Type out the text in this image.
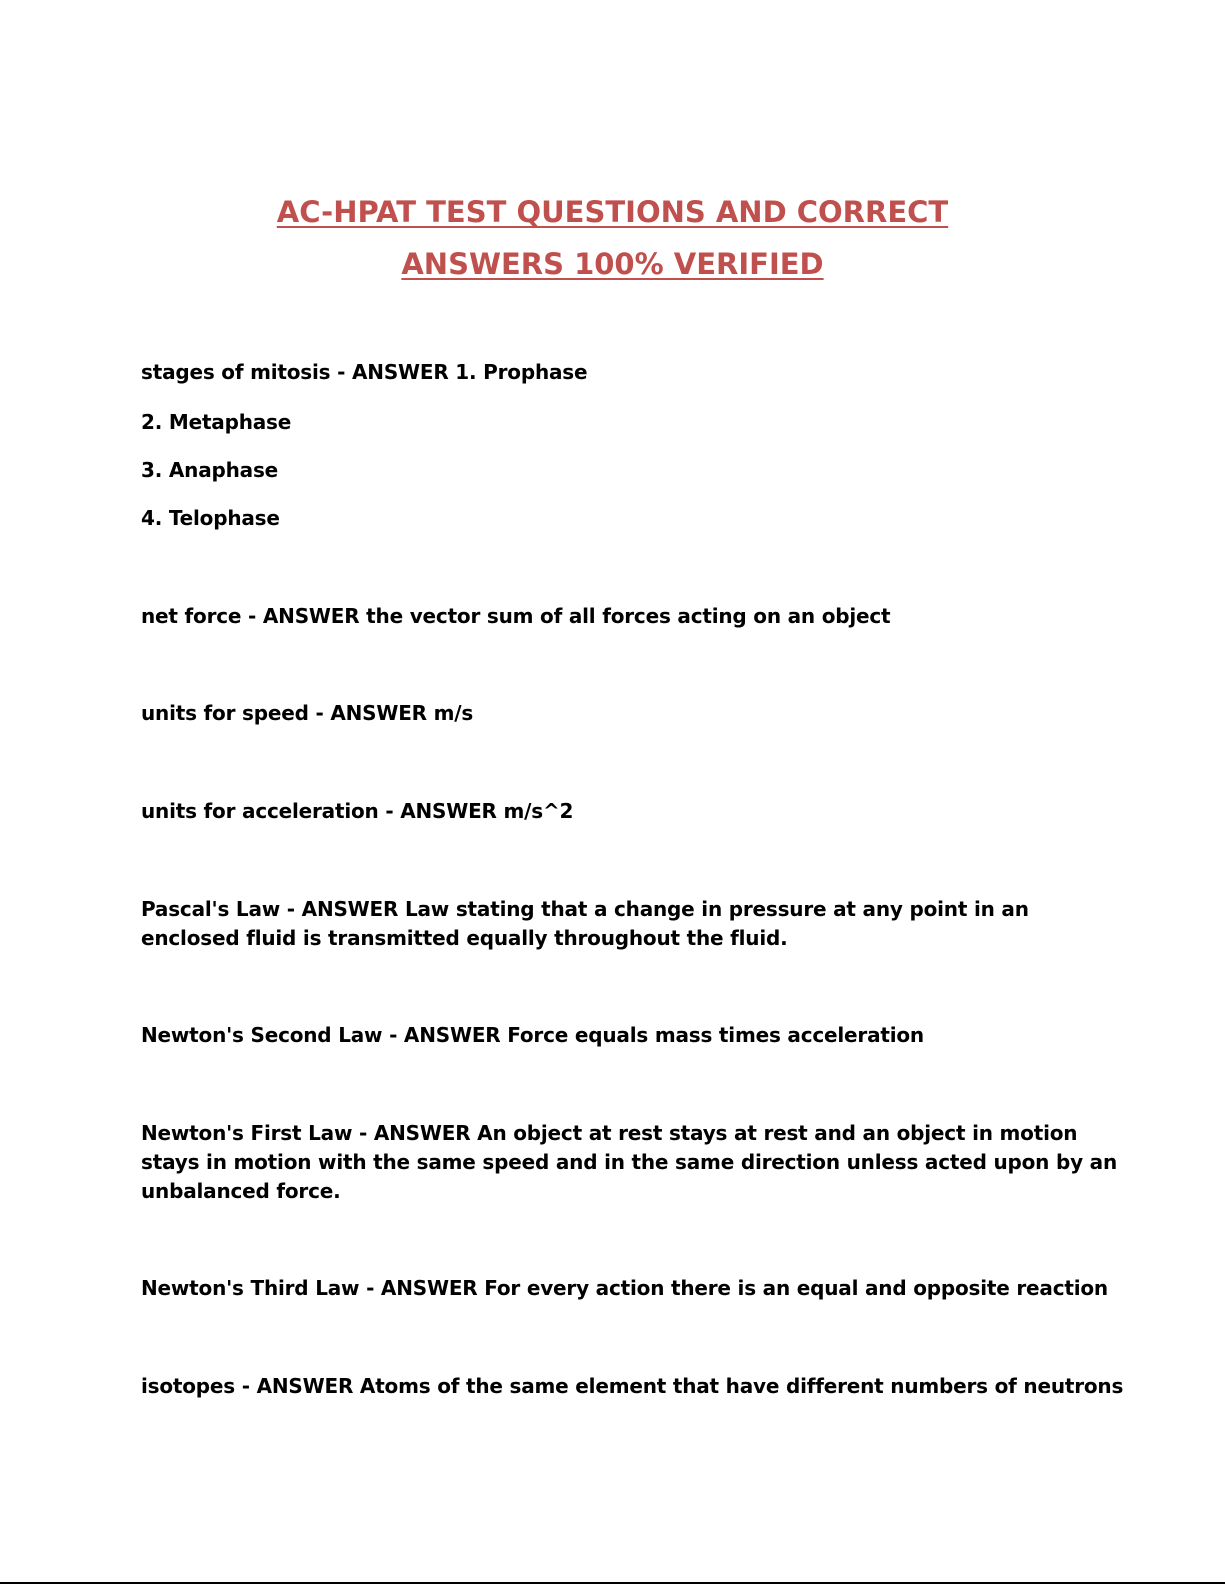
AC-HPAT TEST QUESTIONS AND CORRECT
ANSWERS 100% VERIFIED
stages of mitosis - ANSWER 1. Prophase
2. Metaphase
3. Anaphase
4. Telophase
net force - ANSWER the vector sum of all forces acting on an object
units for speed - ANSWER m/s
units for acceleration - ANSWER m/s^2
Pascal's Law - ANSWER Law stating that a change in pressure at any point in an
enclosed fluid is transmitted equally throughout the fluid.
Newton's Second Law - ANSWER Force equals mass times acceleration
Newton's First Law - ANSWER An object at rest stays at rest and an object in motion
stays in motion with the same speed and in the same direction unless acted upon by an
unbalanced force.
Newton's Third Law - ANSWER For every action there is an equal and opposite reaction
isotopes - ANSWER Atoms of the same element that have different numbers of neutrons
